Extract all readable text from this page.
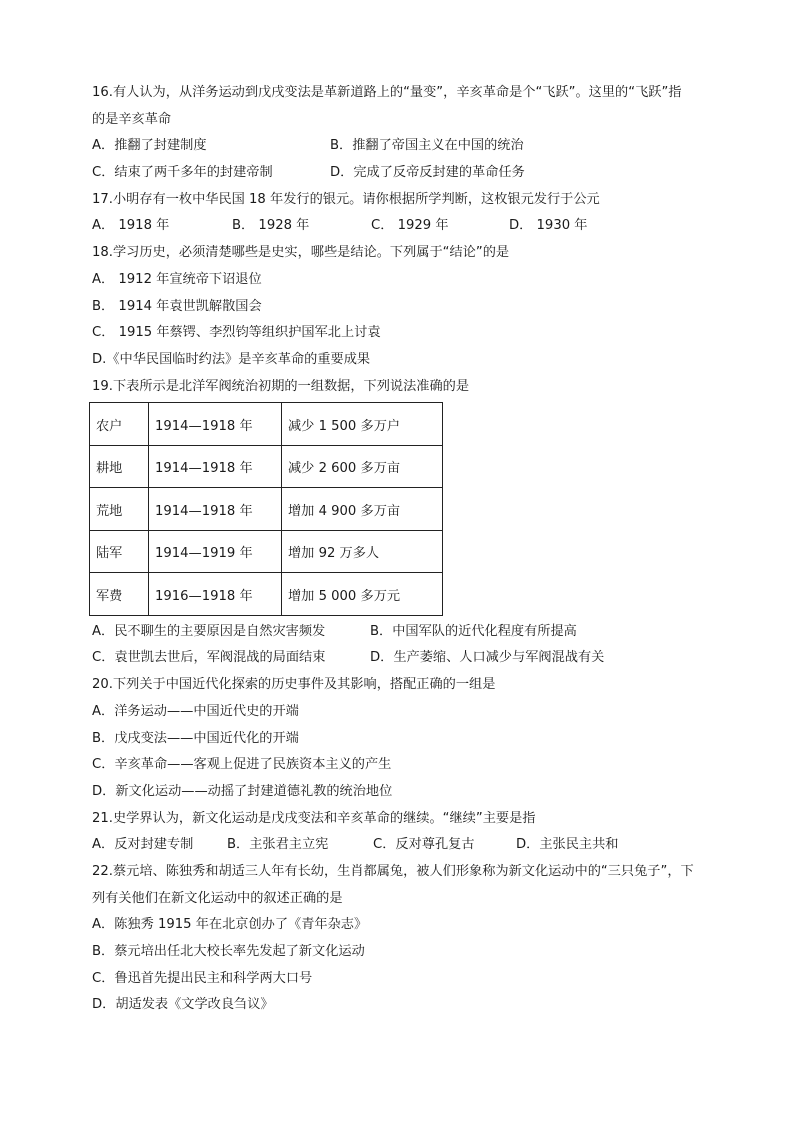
16.有人认为，从洋务运动到戊戌变法是革新道路上的“量变”，辛亥革命是个“飞跃”。这里的“飞跃”指
的是辛亥革命
A．推翻了封建制度	B．推翻了帝国主义在中国的统治
C．结束了两千多年的封建帝制	D．完成了反帝反封建的革命任务
17.小明存有一枚中华民国 18 年发行的银元。请你根据所学判断，这枚银元发行于公元
A． 1918 年	B． 1928 年	C． 1929 年	D． 1930 年
18.学习历史，必须清楚哪些是史实，哪些是结论。下列属于“结论”的是
A． 1912 年宣统帝下诏退位
B． 1914 年袁世凯解散国会
C． 1915 年蔡锷、李烈钧等组织护国军北上讨袁
D.《中华民国临时约法》是辛亥革命的重要成果
19.下表所示是北洋军阀统治初期的一组数据，下列说法准确的是
农户	1914—1918 年	减少 1 500 多万户
耕地	1914—1918 年	减少 2 600 多万亩
荒地	1914—1918 年	增加 4 900 多万亩
陆军	1914—1919 年	增加 92 万多人
军费	1916—1918 年	增加 5 000 多万元
A．民不聊生的主要原因是自然灾害频发	B．中国军队的近代化程度有所提高
C．袁世凯去世后，军阀混战的局面结束	D．生产萎缩、人口减少与军阀混战有关
20.下列关于中国近代化探索的历史事件及其影响，搭配正确的一组是
A．洋务运动——中国近代史的开端
B．戊戌变法——中国近代化的开端
C．辛亥革命——客观上促进了民族资本主义的产生
D．新文化运动——动摇了封建道德礼教的统治地位
21.史学界认为，新文化运动是戊戌变法和辛亥革命的继续。“继续”主要是指
A．反对封建专制	B．主张君主立宪	C．反对尊孔复古	D．主张民主共和
22.蔡元培、陈独秀和胡适三人年有长幼，生肖都属兔，被人们形象称为新文化运动中的“三只兔子”，下
列有关他们在新文化运动中的叙述正确的是
A．陈独秀 1915 年在北京创办了《青年杂志》
B．蔡元培出任北大校长率先发起了新文化运动
C．鲁迅首先提出民主和科学两大口号
D．胡适发表《文学改良刍议》
